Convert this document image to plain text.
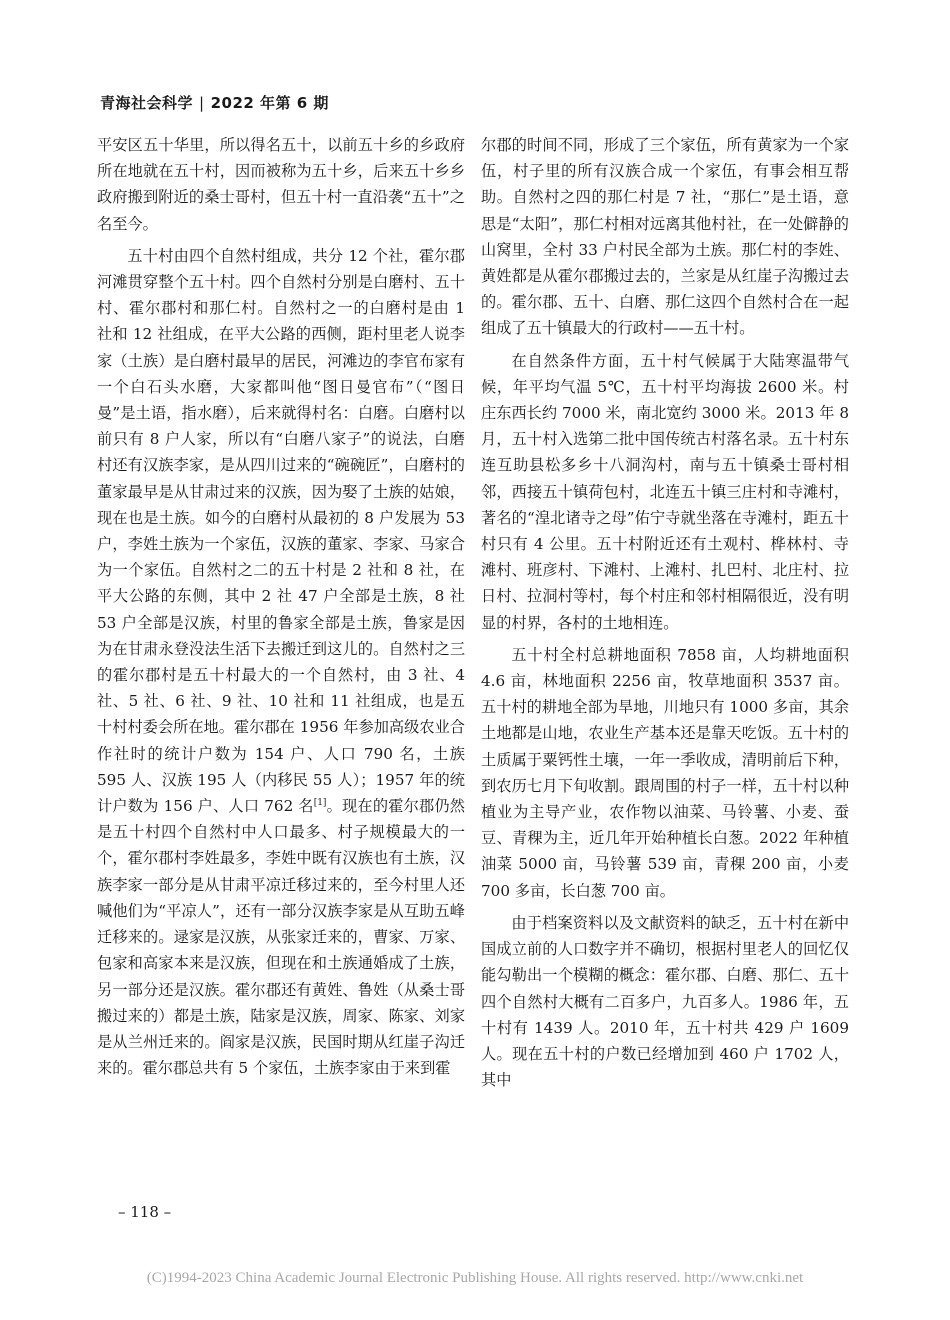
青海社会科学 | 2022 年第 6 期

平安区五十华里，所以得名五十，以前五十乡的乡政府所在地就在五十村，因而被称为五十乡，后来五十乡乡政府搬到附近的桑士哥村，但五十村一直沿袭“五十”之名至今。

五十村由四个自然村组成，共分 12 个社，霍尔郡河滩贯穿整个五十村。四个自然村分别是白磨村、五十村、霍尔郡村和那仁村。自然村之一的白磨村是由 1 社和 12 社组成，在平大公路的西侧，距村里老人说李家（土族）是白磨村最早的居民，河滩边的李官布家有一个白石头水磨，大家都叫他“图日曼官布”（“图日曼”是土语，指水磨），后来就得村名：白磨。白磨村以前只有 8 户人家，所以有“白磨八家子”的说法，白磨村还有汉族李家，是从四川过来的“碗碗匠”，白磨村的董家最早是从甘肃过来的汉族，因为娶了土族的姑娘，现在也是土族。如今的白磨村从最初的 8 户发展为 53 户，李姓土族为一个家伍，汉族的董家、李家、马家合为一个家伍。自然村之二的五十村是 2 社和 8 社，在平大公路的东侧，其中 2 社 47 户全部是土族，8 社 53 户全部是汉族，村里的鲁家全部是土族，鲁家是因为在甘肃永登没法生活下去搬迁到这儿的。自然村之三的霍尔郡村是五十村最大的一个自然村，由 3 社、4 社、5 社、6 社、9 社、10 社和 11 社组成，也是五十村村委会所在地。霍尔郡在 1956 年参加高级农业合作社时的统计户数为 154 户、人口 790 名，土族 595 人、汉族 195 人（内移民 55 人）；1957 年的统计户数为 156 户、人口 762 名[1]。现在的霍尔郡仍然是五十村四个自然村中人口最多、村子规模最大的一个，霍尔郡村李姓最多，李姓中既有汉族也有土族，汉族李家一部分是从甘肃平凉迁移过来的，至今村里人还喊他们为“平凉人”，还有一部分汉族李家是从互助五峰迁移来的。逯家是汉族，从张家迁来的，曹家、万家、包家和高家本来是汉族，但现在和土族通婚成了土族，另一部分还是汉族。霍尔郡还有黄姓、鲁姓（从桑士哥搬过来的）都是土族，陆家是汉族，周家、陈家、刘家是从兰州迁来的。阎家是汉族，民国时期从红崖子沟迁来的。霍尔郡总共有 5 个家伍，土族李家由于来到霍

尔郡的时间不同，形成了三个家伍，所有黄家为一个家伍，村子里的所有汉族合成一个家伍，有事会相互帮助。自然村之四的那仁村是 7 社，“那仁”是土语，意思是“太阳”，那仁村相对远离其他村社，在一处僻静的山窝里，全村 33 户村民全部为土族。那仁村的李姓、黄姓都是从霍尔郡搬过去的，兰家是从红崖子沟搬过去的。霍尔郡、五十、白磨、那仁这四个自然村合在一起组成了五十镇最大的行政村——五十村。

在自然条件方面，五十村气候属于大陆寒温带气候，年平均气温 5℃，五十村平均海拔 2600 米。村庄东西长约 7000 米，南北宽约 3000 米。2013 年 8 月，五十村入选第二批中国传统古村落名录。五十村东连互助县松多乡十八洞沟村，南与五十镇桑士哥村相邻，西接五十镇荷包村，北连五十镇三庄村和寺滩村，著名的“湟北诸寺之母”佑宁寺就坐落在寺滩村，距五十村只有 4 公里。五十村附近还有土观村、桦林村、寺滩村、班彦村、下滩村、上滩村、扎巴村、北庄村、拉日村、拉洞村等村，每个村庄和邻村相隔很近，没有明显的村界，各村的土地相连。

五十村全村总耕地面积 7858 亩，人均耕地面积 4.6 亩，林地面积 2256 亩，牧草地面积 3537 亩。五十村的耕地全部为旱地，川地只有 1000 多亩，其余土地都是山地，农业生产基本还是靠天吃饭。五十村的土质属于粟钙性土壤，一年一季收成，清明前后下种，到农历七月下旬收割。跟周围的村子一样，五十村以种植业为主导产业，农作物以油菜、马铃薯、小麦、蚕豆、青稞为主，近几年开始种植长白葱。2022 年种植油菜 5000 亩，马铃薯 539 亩，青稞 200 亩，小麦 700 多亩，长白葱 700 亩。

由于档案资料以及文献资料的缺乏，五十村在新中国成立前的人口数字并不确切，根据村里老人的回忆仅能勾勒出一个模糊的概念：霍尔郡、白磨、那仁、五十四个自然村大概有二百多户，九百多人。1986 年，五十村有 1439 人。2010 年，五十村共 429 户 1609 人。现在五十村的户数已经增加到 460 户 1702 人，其中

– 118 –
(C)1994-2023 China Academic Journal Electronic Publishing House. All rights reserved. http://www.cnki.net
